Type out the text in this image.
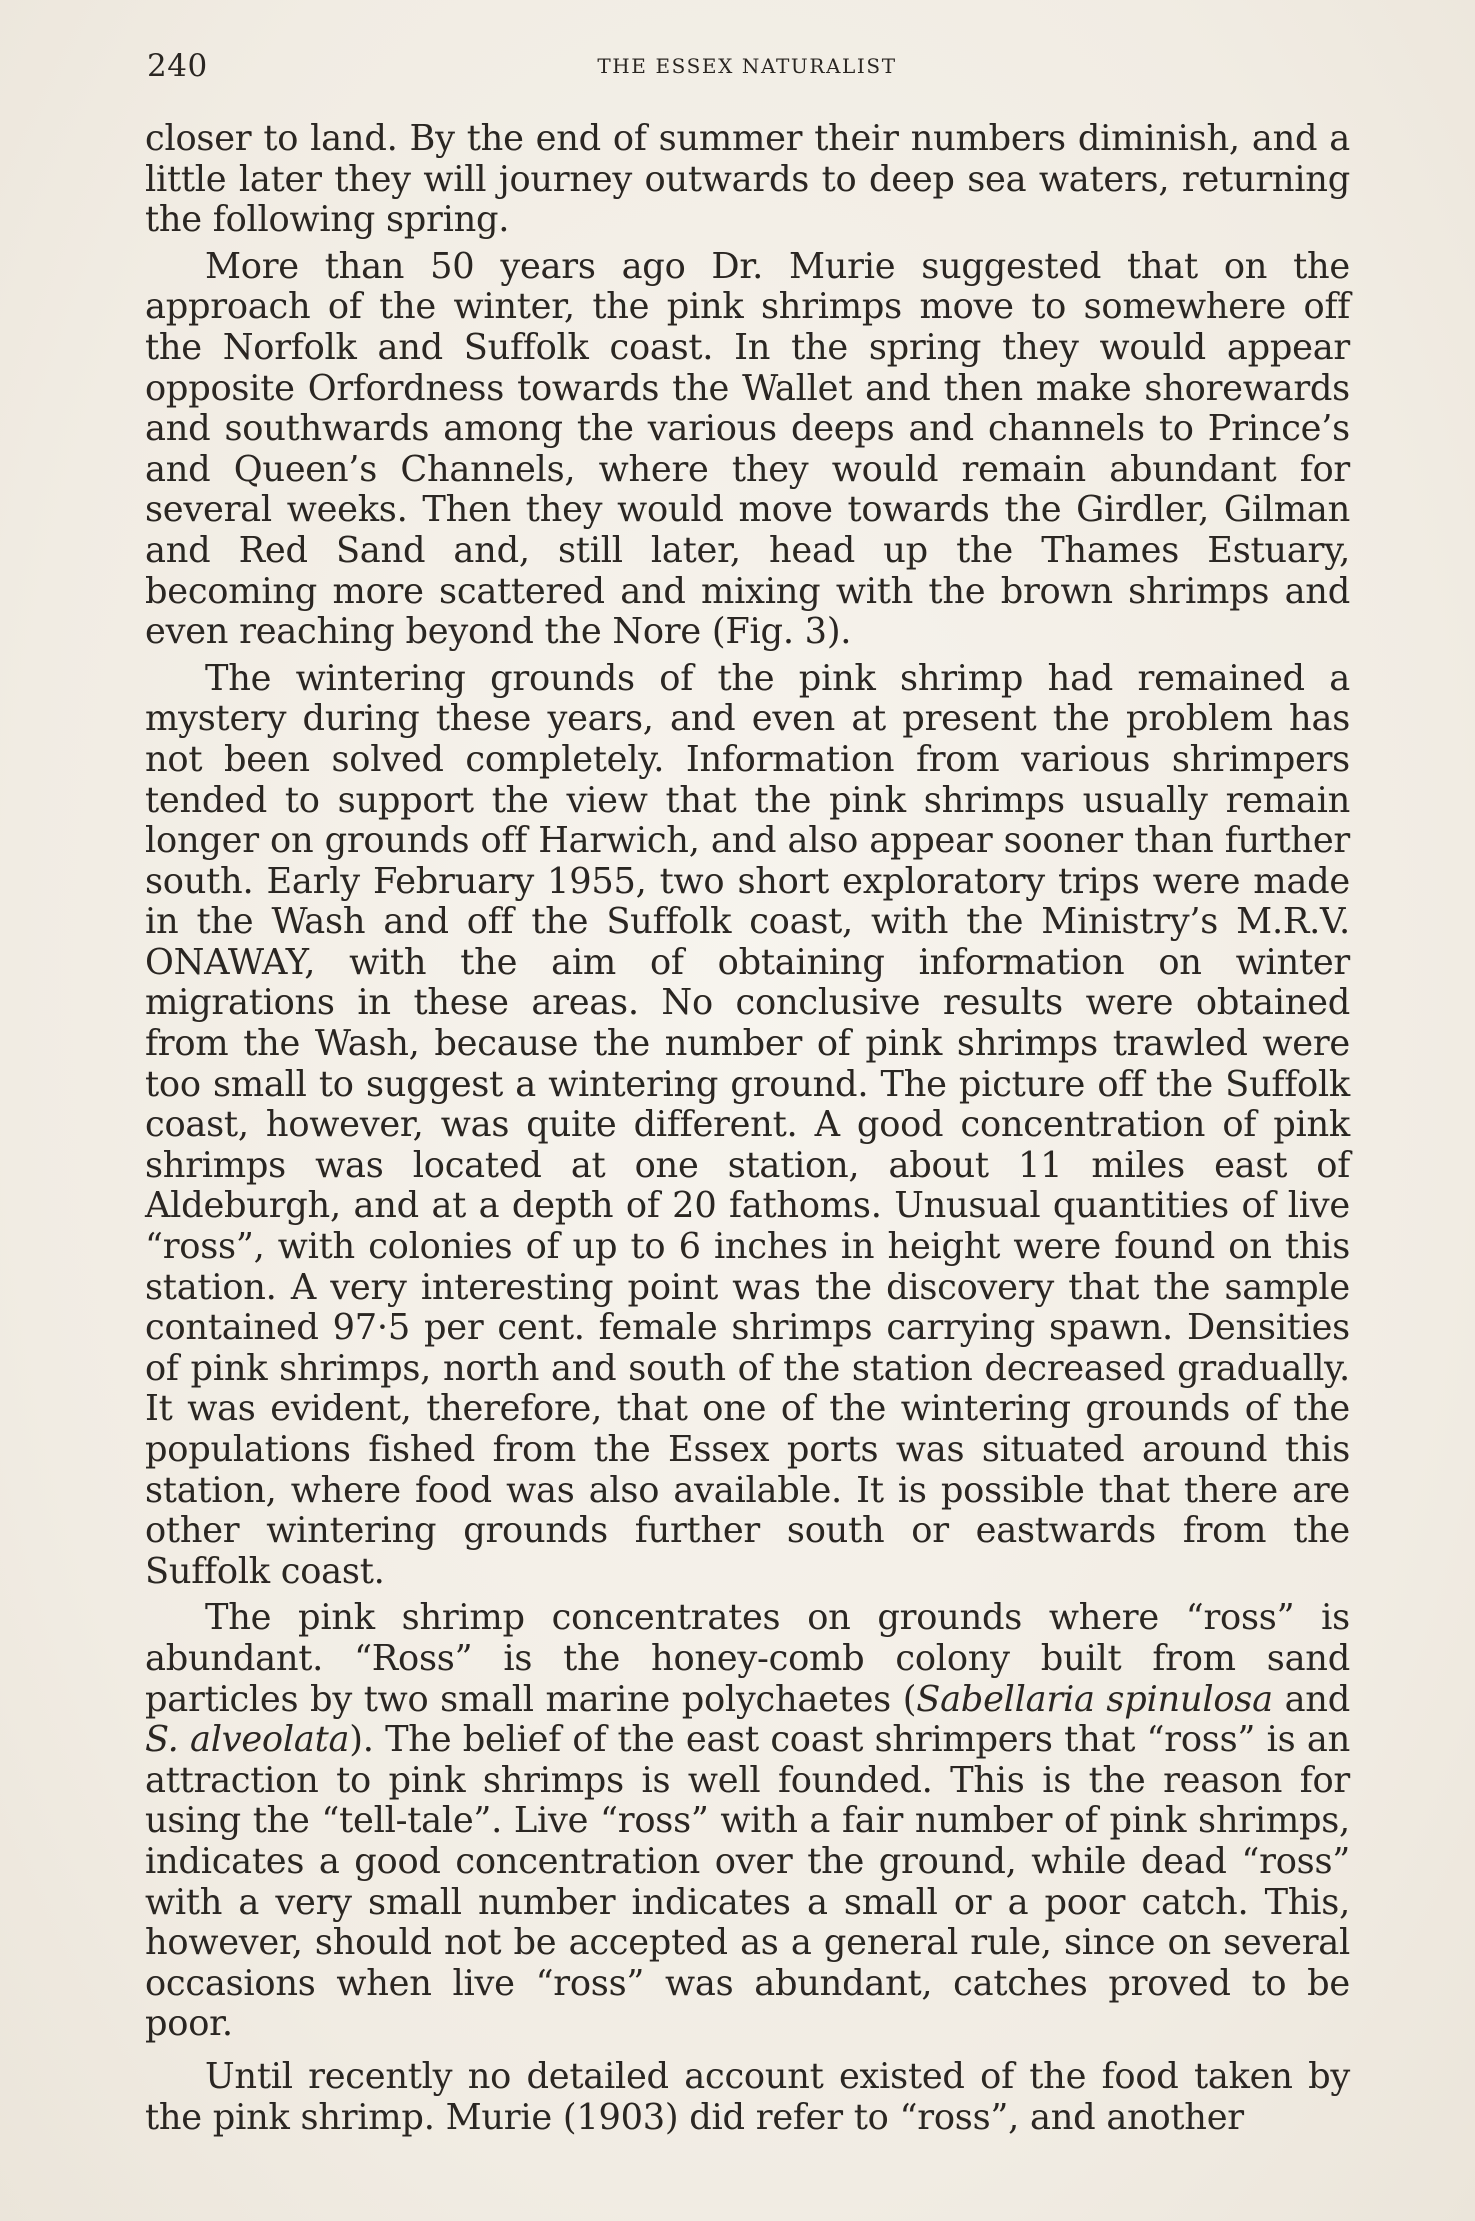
240	THE ESSEX NATURALIST

closer to land. By the end of summer their numbers diminish, and a little later they will journey outwards to deep sea waters, returning the following spring.

More than 50 years ago Dr. Murie suggested that on the approach of the winter, the pink shrimps move to somewhere off the Norfolk and Suffolk coast. In the spring they would appear opposite Orfordness towards the Wallet and then make shorewards and southwards among the various deeps and channels to Prince’s and Queen’s Channels, where they would remain abundant for several weeks. Then they would move towards the Girdler, Gilman and Red Sand and, still later, head up the Thames Estuary, becoming more scattered and mixing with the brown shrimps and even reaching beyond the Nore (Fig. 3).

The wintering grounds of the pink shrimp had remained a mystery during these years, and even at present the problem has not been solved completely. Information from various shrimpers tended to support the view that the pink shrimps usually remain longer on grounds off Harwich, and also appear sooner than further south. Early February 1955, two short exploratory trips were made in the Wash and off the Suffolk coast, with the Ministry’s M.R.V. ONAWAY, with the aim of obtaining information on winter migrations in these areas. No conclusive results were obtained from the Wash, because the number of pink shrimps trawled were too small to suggest a wintering ground. The picture off the Suffolk coast, however, was quite different. A good concentration of pink shrimps was located at one station, about 11 miles east of Aldeburgh, and at a depth of 20 fathoms. Unusual quantities of live “ross”, with colonies of up to 6 inches in height were found on this station. A very interesting point was the discovery that the sample contained 97·5 per cent. female shrimps carrying spawn. Densities of pink shrimps, north and south of the station decreased gradually. It was evident, therefore, that one of the wintering grounds of the populations fished from the Essex ports was situated around this station, where food was also available. It is possible that there are other wintering grounds further south or eastwards from the Suffolk coast.

The pink shrimp concentrates on grounds where “ross” is abundant. “Ross” is the honey-comb colony built from sand particles by two small marine polychaetes (Sabellaria spinulosa and S. alveolata). The belief of the east coast shrimpers that “ross” is an attraction to pink shrimps is well founded. This is the reason for using the “tell-tale”. Live “ross” with a fair number of pink shrimps, indicates a good concentration over the ground, while dead “ross” with a very small number indicates a small or a poor catch. This, however, should not be accepted as a general rule, since on several occasions when live “ross” was abundant, catches proved to be poor.

Until recently no detailed account existed of the food taken by the pink shrimp. Murie (1903) did refer to “ross”, and another
